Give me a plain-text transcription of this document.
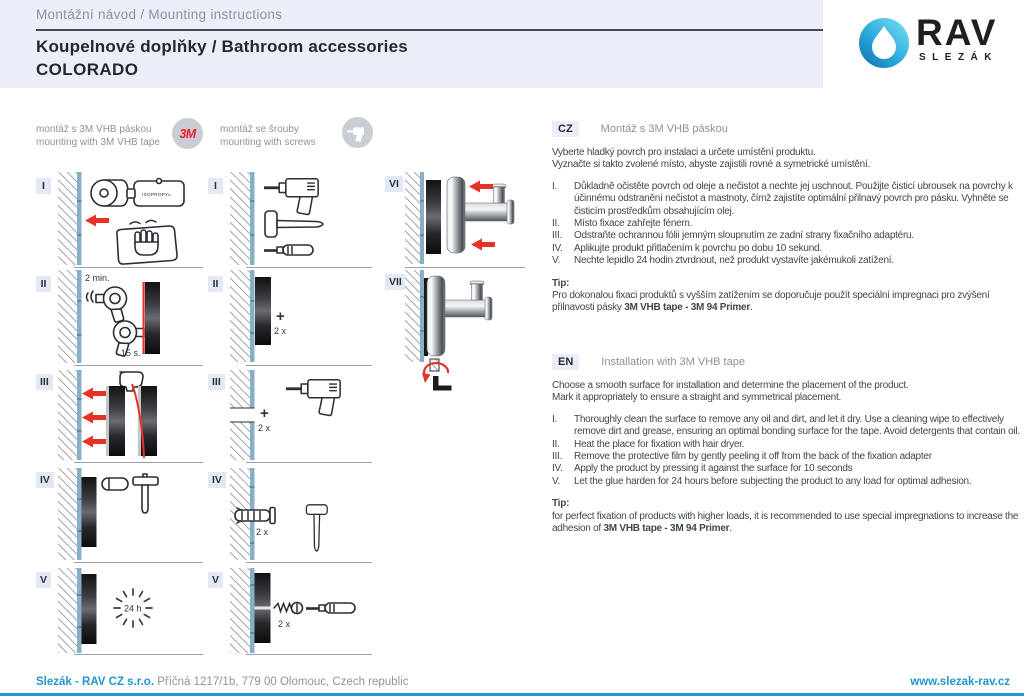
Montážní návod / Mounting instructions
Koupelnové doplňky / Bathroom accessories
COLORADO
RAV
SLEZÁK
montáž s 3M VHB páskou
mounting with 3M VHB tape
3M montáž se šrouby
mounting with screws
I
II
III
IV
V
ISOPROPYL.
2 min.
15 s.
24 h
I
II
III
IV
V
+
2 x
+
2 x
2 x
2 x
VI
VII
CZ	Montáž s 3M VHB páskou
Vyberte hladký povrch pro instalaci a určete umístění produktu.
Vyznačte si takto zvolené místo, abyste zajistili rovné a symetrické umístění.
I.	Důkladně očistěte povrch od oleje a nečistot a nechte jej uschnout. Použijte čisticí ubrousek na povrchy k účinnému odstranění nečistot a mastnoty, čímž zajistíte optimální přilnavý povrch pro pásku. Vyhněte se čisticím prostředkům obsahujícím olej.
II.	Místo fixace zahřejte fénem.
III.	Odstraňte ochrannou fólii jemným sloupnutím ze zadní strany fixačního adaptéru.
IV.	Aplikujte produkt přitlačením k povrchu po dobu 10 sekund.
V.	Nechte lepidlo 24 hodin ztvrdnout, než produkt vystavíte jakémukoli zatížení.
Tip:
Pro dokonalou fixaci produktů s vyšším zatížením se doporučuje použít speciální impregnaci pro zvýšení přilnavosti pásky 3M VHB tape - 3M 94 Primer.
EN	Installation with 3M VHB tape
Choose a smooth surface for installation and determine the placement of the product.
Mark it appropriately to ensure a straight and symmetrical placement.
I.	Thoroughly clean the surface to remove any oil and dirt, and let it dry. Use a cleaning wipe to effectively remove dirt and grease, ensuring an optimal bonding surface for the tape. Avoid detergents that contain oil.
II.	Heat the place for fixation with hair dryer.
III.	Remove the protective film by gently peeling it off from the back of the fixation adapter
IV.	Apply the product by pressing it against the surface for 10 seconds
V.	Let the glue harden for 24 hours before subjecting the product to any load for optimal adhesion.
Tip:
for perfect fixation of products with higher loads, it is recommended to use special impregnations to increase the adhesion of 3M VHB tape - 3M 94 Primer.
Slezák - RAV CZ s.r.o. Příčná 1217/1b, 779 00 Olomouc, Czech republic	www.slezak-rav.cz
